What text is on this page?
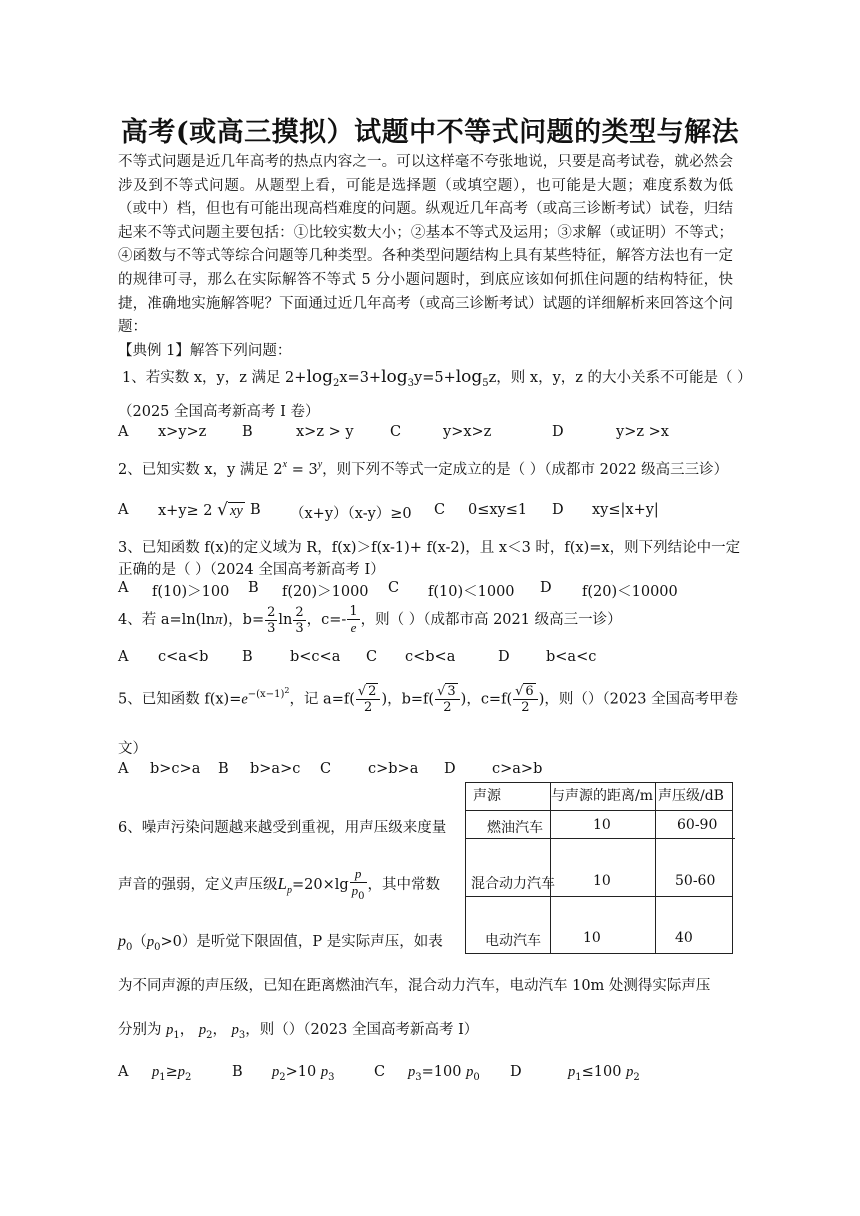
高考(或高三摸拟）试题中不等式问题的类型与解法
不等式问题是近几年高考的热点内容之一。可以这样毫不夸张地说，只要是高考试卷，就必然会涉及到不等式问题。从题型上看，可能是选择题（或填空题），也可能是大题；难度系数为低（或中）档，但也有可能出现高档难度的问题。纵观近几年高考（或高三诊断考试）试卷，归结起来不等式问题主要包括：①比较实数大小；②基本不等式及运用；③求解（或证明）不等式；④函数与不等式等综合问题等几种类型。各种类型问题结构上具有某些特征，解答方法也有一定的规律可寻，那么在实际解答不等式 5 分小题问题时，到底应该如何抓住问题的结构特征，快捷，准确地实施解答呢？下面通过近几年高考（或高三诊断考试）试题的详细解析来回答这个问题：
【典例 1】解答下列问题：
1、若实数 x，y，z 满足 $2+\log_2x=3+\log_3y=5+\log_5z$，则 x，y，z 的大小关系不可能是（ ）
（2025 全国高考新高考 I 卷）
A x>y>z B	x>z > y	C	y>x>z	D	y>z >x
2、已知实数 x，y 满足 $2^x = 3^y$，则下列不等式一定成立的是（ ）（成都市 2022 级高三三诊）
A x+y≥ 2 √ xy B （x+y）（x-y）≥0 C 0≤xy≤1 D xy≤|x+y|
3、已知函数 f(x)的定义域为 R，f(x)＞f(x-1)+ f(x-2)，且 x＜3 时，f(x)=x，则下列结论中一定
正确的是（ ）（2024 全国高考新高考 I）
A f(10)＞100 B f(20)＞1000 C f(10)＜1000 D f(20)＜10000
4、若 a=ln(lnπ)，$b= \frac{2}{3}$ $\ln \frac{2}{3}$ ，$c=- \frac{1}{e}$ ，则（ ）（成都市高 2021 级高三一诊）
A c<a<b B	b<c<a C c<b<a	D	b<a<c
5、已知函数 $f(x)=e^{-(x-1)^2}$，记 $a=f( \frac{√ 2}{2}$ )，$b=f( \frac{√ 3}{2}$ )，$c=f( \frac{√ 6}{2}$ )，则（）（2023 全国高考甲卷
文）
A b>c>a B b>a>c C	c>b>a D	c>a>b
6、噪声污染问题越来越受到重视，用声压级来度量
声音的强弱，定义声压级$L_p=20\times\lg \frac{p}{p_0}$ ，其中常数
$p_0(p_0>0)$是听觉下限固值，P 是实际声压，如表
为不同声源的声压级，已知在距离燃油汽车，混合动力汽车，电动汽车 10m 处测得实际声压
分别为 $p_1$， $p_2$， $p_3$，则（）（2023 全国高考新高考 I）
A $p_1\ge p_2$	B $p_2>10$ $p_3$	C $p_3=100$ $p_0$ D	$p_1\le 100$ $p_2$
声源	与声源的距离/m 声压级/dB
燃油汽车	10	60-90
混合动力汽车	10	50-60
电动汽车	10	40
